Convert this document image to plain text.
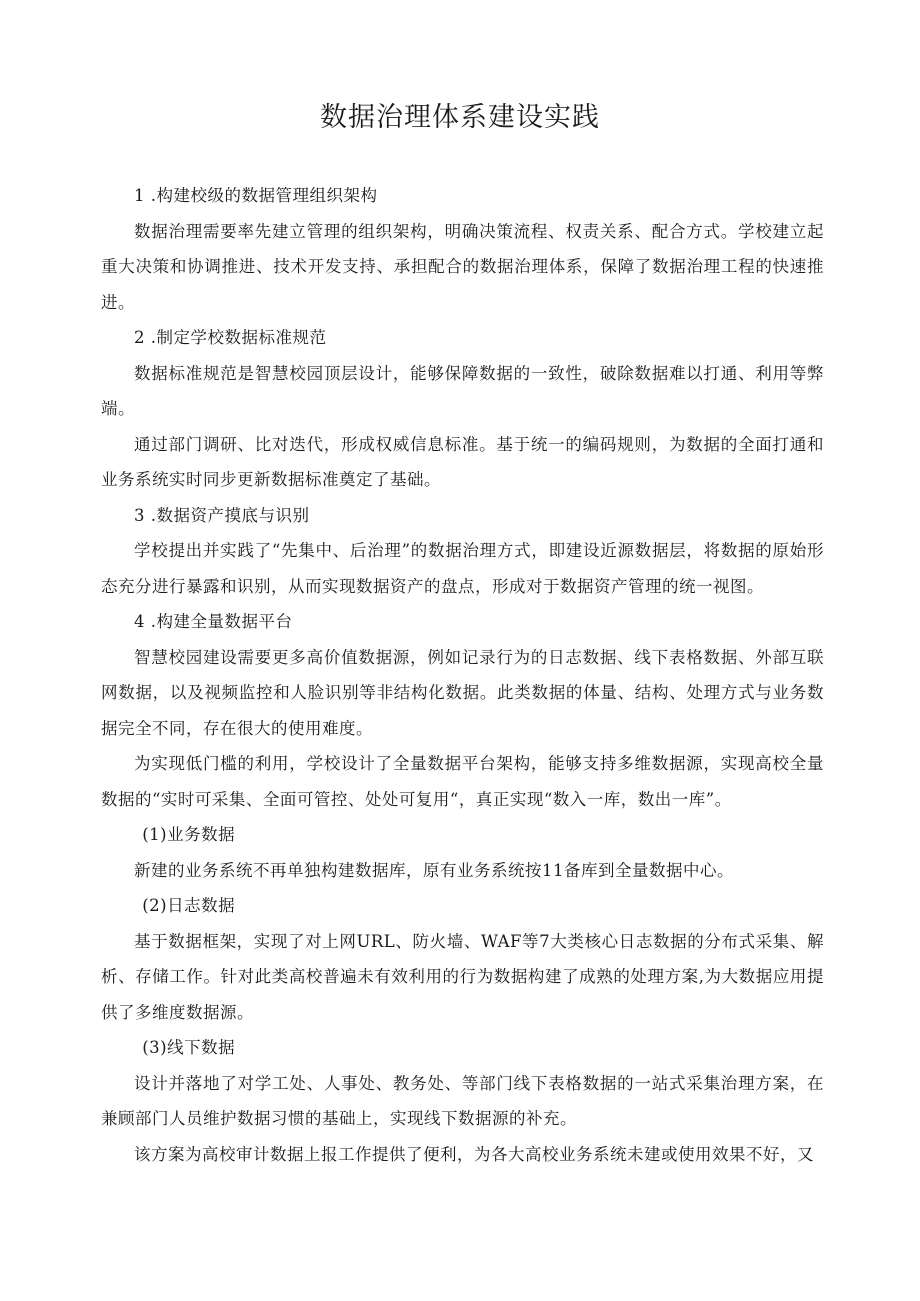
数据治理体系建设实践
1 .构建校级的数据管理组织架构
数据治理需要率先建立管理的组织架构，明确决策流程、权责关系、配合方式。学校建立起重大决策和协调推进、技术开发支持、承担配合的数据治理体系，保障了数据治理工程的快速推进。
2 .制定学校数据标准规范
数据标准规范是智慧校园顶层设计，能够保障数据的一致性，破除数据难以打通、利用等弊端。
通过部门调研、比对迭代，形成权威信息标准。基于统一的编码规则，为数据的全面打通和业务系统实时同步更新数据标准奠定了基础。
3 .数据资产摸底与识别
学校提出并实践了“先集中、后治理”的数据治理方式，即建设近源数据层，将数据的原始形态充分进行暴露和识别，从而实现数据资产的盘点，形成对于数据资产管理的统一视图。
4 .构建全量数据平台
智慧校园建设需要更多高价值数据源，例如记录行为的日志数据、线下表格数据、外部互联网数据，以及视频监控和人脸识别等非结构化数据。此类数据的体量、结构、处理方式与业务数据完全不同，存在很大的使用难度。
为实现低门槛的利用，学校设计了全量数据平台架构，能够支持多维数据源，实现高校全量数据的“实时可采集、全面可管控、处处可复用“，真正实现“数入一库，数出一库”。
(1)业务数据
新建的业务系统不再单独构建数据库，原有业务系统按11备库到全量数据中心。
(2)日志数据
基于数据框架，实现了对上网URL、防火墙、WAF等7大类核心日志数据的分布式采集、解析、存储工作。针对此类高校普遍未有效利用的行为数据构建了成熟的处理方案,为大数据应用提供了多维度数据源。
(3)线下数据
设计并落地了对学工处、人事处、教务处、等部门线下表格数据的一站式采集治理方案，在兼顾部门人员维护数据习惯的基础上，实现线下数据源的补充。
该方案为高校审计数据上报工作提供了便利，为各大高校业务系统未建或使用效果不好，又
